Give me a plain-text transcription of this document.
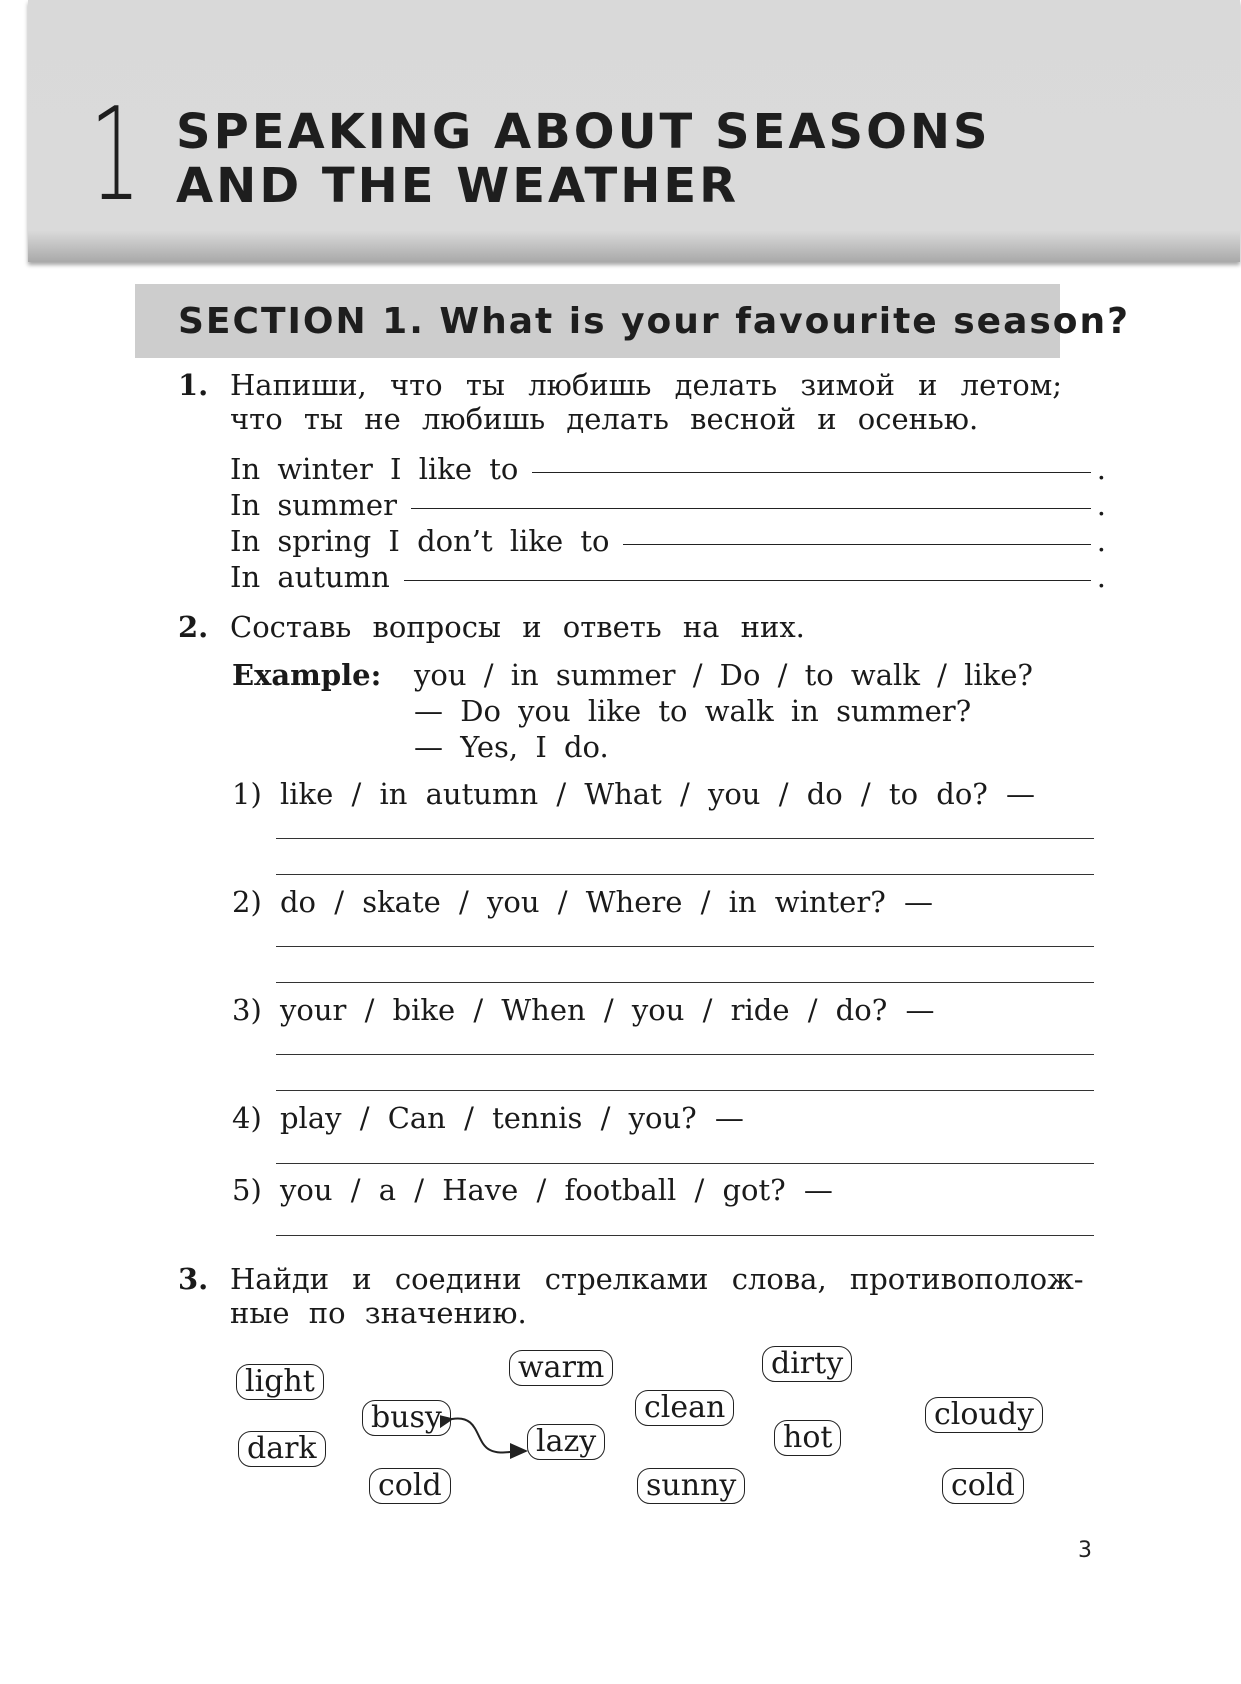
1 SPEAKING ABOUT SEASONS
AND THE WEATHER
SECTION 1. What is your favourite season?
1. Напиши, что ты любишь делать зимой и летом;
что ты не любишь делать весной и осенью.
In winter I like to	.
In summer	.
In spring I don’t like to	.
In autumn	.
2. Составь вопросы и ответь на них.
Example: you / in summer / Do / to walk / like?
— Do you like to walk in summer?
— Yes, I do.
1) like / in autumn / What / you / do / to do? —
2) do / skate / you / Where / in winter? —
3) your / bike / When / you / ride / do? —
4) play / Can / tennis / you? —
5) you / a / Have / football / got? —
3. Найди и соедини стрелками слова, противополож-
ные по значению.
light
dark
busy
cold
warm
lazy
clean
sunny
dirty
hot
cloudy
cold
3
